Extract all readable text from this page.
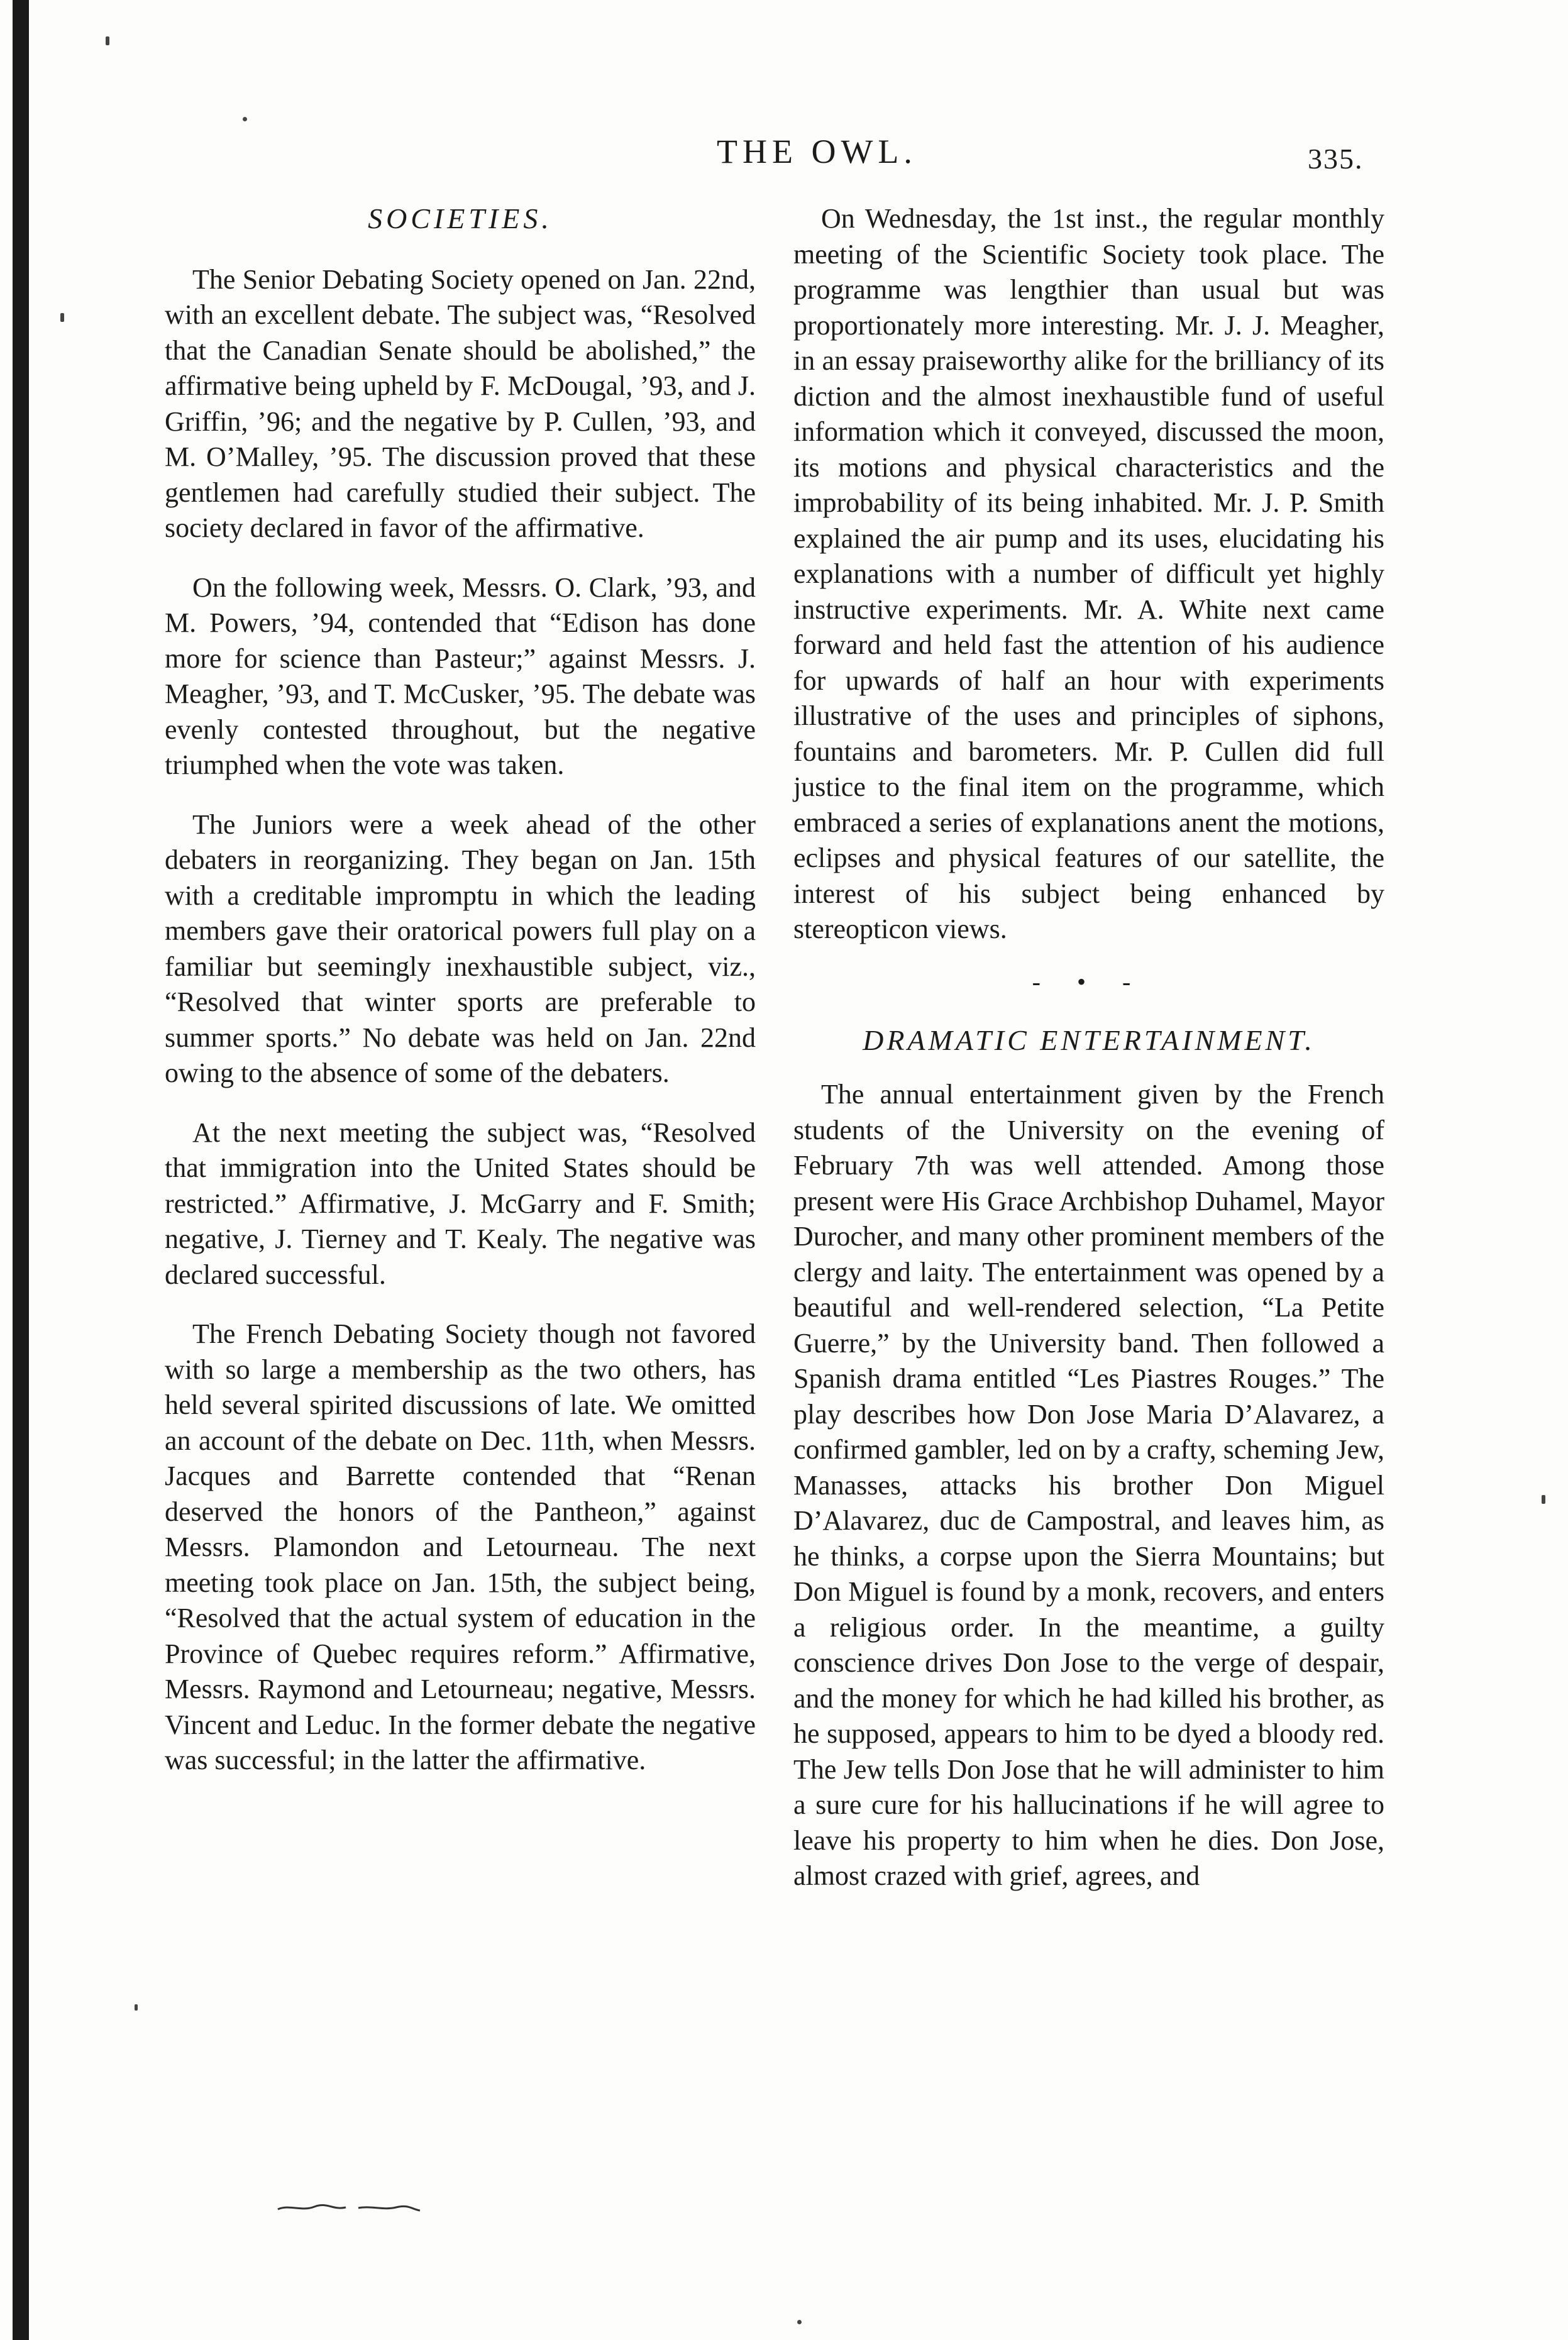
THE OWL.	335.
SOCIETIES.

The Senior Debating Society opened on Jan. 22nd, with an excellent debate. The subject was, “Resolved that the Canadian Senate should be abolished,” the affirmative being upheld by F. McDougal, ’93, and J. Griffin, ’96; and the negative by P. Cullen, ’93, and M. O’Malley, ’95. The discussion proved that these gentlemen had carefully studied their subject. The society declared in favor of the affirmative.

On the following week, Messrs. O. Clark, ’93, and M. Powers, ’94, contended that “Edison has done more for science than Pasteur;” against Messrs. J. Meagher, ’93, and T. McCusker, ’95. The debate was evenly contested throughout, but the negative triumphed when the vote was taken.

The Juniors were a week ahead of the other debaters in reorganizing. They began on Jan. 15th with a creditable impromptu in which the leading members gave their oratorical powers full play on a familiar but seemingly inexhaustible subject, viz., “Resolved that winter sports are preferable to summer sports.” No debate was held on Jan. 22nd owing to the absence of some of the debaters.

At the next meeting the subject was, “Resolved that immigration into the United States should be restricted.” Affirmative, J. McGarry and F. Smith; negative, J. Tierney and T. Kealy. The negative was declared successful.

The French Debating Society though not favored with so large a membership as the two others, has held several spirited discussions of late. We omitted an account of the debate on Dec. 11th, when Messrs. Jacques and Barrette contended that “Renan deserved the honors of the Pantheon,” against Messrs. Plamondon and Letourneau. The next meeting took place on Jan. 15th, the subject being, “Resolved that the actual system of education in the Province of Quebec requires reform.” Affirmative, Messrs. Raymond and Letourneau; negative, Messrs. Vincent and Leduc. In the former debate the negative was successful; in the latter the affirmative.

On Wednesday, the 1st inst., the regular monthly meeting of the Scientific Society took place. The programme was lengthier than usual but was proportionately more interesting. Mr. J. J. Meagher, in an essay praiseworthy alike for the brilliancy of its diction and the almost inexhaustible fund of useful information which it conveyed, discussed the moon, its motions and physical characteristics and the improbability of its being inhabited. Mr. J. P. Smith explained the air pump and its uses, elucidating his explanations with a number of difficult yet highly instructive experiments. Mr. A. White next came forward and held fast the attention of his audience for upwards of half an hour with experiments illustrative of the uses and principles of siphons, fountains and barometers. Mr. P. Cullen did full justice to the final item on the programme, which embraced a series of explanations anent the motions, eclipses and physical features of our satellite, the interest of his subject being enhanced by stereopticon views.

- • -
DRAMATIC ENTERTAINMENT.

The annual entertainment given by the French students of the University on the evening of February 7th was well attended. Among those present were His Grace Archbishop Duhamel, Mayor Durocher, and many other prominent members of the clergy and laity. The entertainment was opened by a beautiful and well-rendered selection, “La Petite Guerre,” by the University band. Then followed a Spanish drama entitled “Les Piastres Rouges.” The play describes how Don Jose Maria D’Alavarez, a confirmed gambler, led on by a crafty, scheming Jew, Manasses, attacks his brother Don Miguel D’Alavarez, duc de Campostral, and leaves him, as he thinks, a corpse upon the Sierra Mountains; but Don Miguel is found by a monk, recovers, and enters a religious order. In the meantime, a guilty conscience drives Don Jose to the verge of despair, and the money for which he had killed his brother, as he supposed, appears to him to be dyed a bloody red. The Jew tells Don Jose that he will administer to him a sure cure for his hallucinations if he will agree to leave his property to him when he dies. Don Jose, almost crazed with grief, agrees, and
